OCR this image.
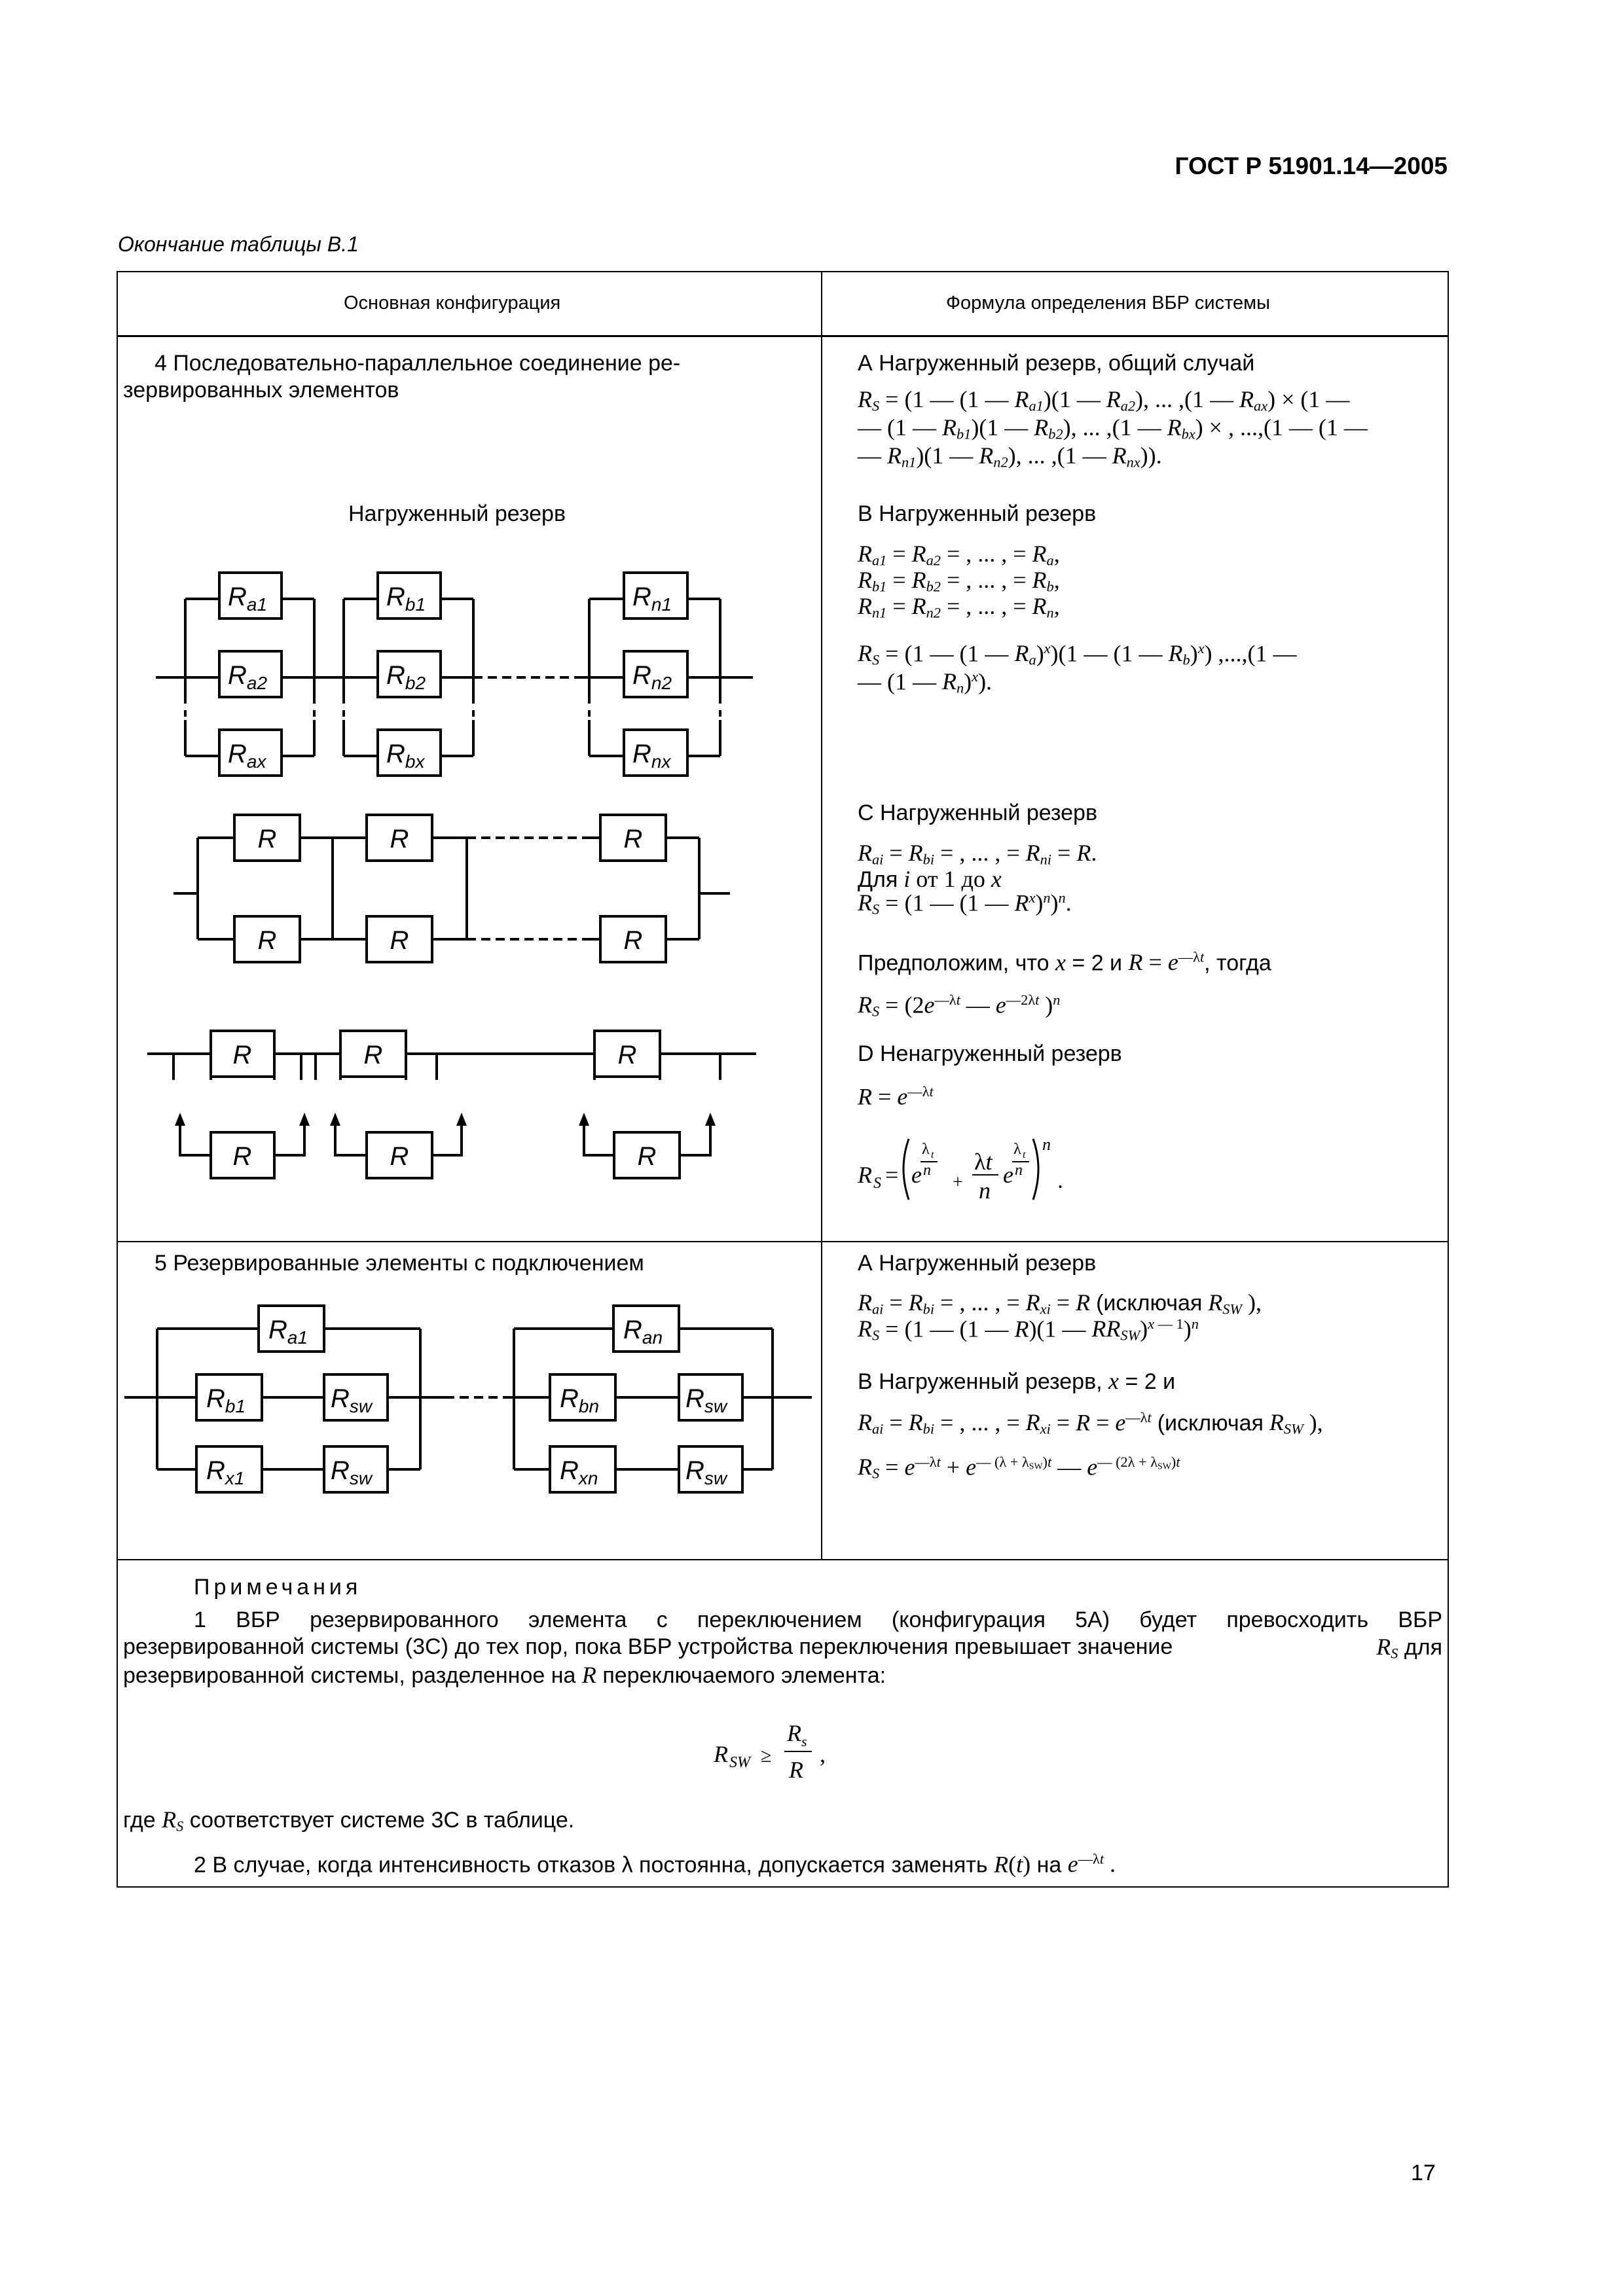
ГОСТ Р 51901.14—2005
Окончание таблицы В.1
Основная конфигурация	Формула определения ВБР системы
4 Последовательно-параллельное соединение ре-
зервированных элементов
Нагруженный резерв
$R_{a1}$
$R_{a2}$
$R_{ax}$
$R_{b1}$
$R_{b2}$
$R_{bx}$
$R_{n1}$
$R_{n2}$
$R_{nx}$
R
R
R
R
R
R
R	R	R
R	R	R
А Нагруженный резерв, общий случай
$R_S = (1$ — (1 — $R_{a1})(1$ — $R_{a2}$), ... ,(1 — $R_{ax}) \times (1$ —
— (1 — $R_{b1})(1$ — $R_{b2}$), ... ,(1 — $R_{bx}$) × , ...,(1 — (1 —
— $R_{n1})(1$ — $R_{n2}$), ... ,(1 — $R_{nx}$)).
В Нагруженный резерв
$R_{a1} = R_{a2}$ = , ... , = $R_a$,
$R_{b1} = R_{b2}$ = , ... , = $R_b$,
$R_{n1} = R_{n2}$ = , ... , = $R_n$,
$R_S = (1$ — (1 — $R_a)^x)(1$ — (1 — $R_b)^x$) ,...,(1 —
— (1 — $R_n)^x$).
С Нагруженный резерв
$R_{ai} = R_{bi}$ = , ... , = $R_{ni} = R$.
Для i от 1 до x
$R_S = (1$ — (1 — $R^x)^n)^n$.
Предположим, что x = 2 и $R = e^{—\lambda t}$, тогда
$R_S = (2e^{—\lambda t}$ — $e^{—2\lambda t}$ )$^n$
D Ненагруженный резерв
$R = e^{—\lambda t}$
R S = e
λ t
n
+
λt
n
e
λ t
n
n
.
5 Резервированные элементы с подключением
$R_{a1}$
$R_{b1}$	$R_{sw}$
$R_{x1}$	$R_{sw}$
$R_{an}$
$R_{bn}$	$R_{sw}$
$R_{xn}$	$R_{sw}$
А Нагруженный резерв
$R_{ai} = R_{bi}$ = , ... , = $R_{xi} = R$ (исключая $R_{SW}$ ),
$R_S = (1$ — (1 — R)(1 — $RR_{SW})^{x — 1})^n$
В Нагруженный резерв, x = 2 и
$R_{ai} = R_{bi}$ = , ... , = $R_{xi} = R = e^{—\lambda t}$ (исключая $R_{SW}$ ),
$R_S = e^{—\lambda t} + e^{— (\lambda + \lambda_{SW})t}$ — $e^{— (2\lambda + \lambda_{SW})t}$
Примечания
1 ВБР резервированного элемента с переключением (конфигурация 5А) будет превосходить ВБР
резервированной системы (3С) до тех пор, пока ВБР устройства переключения превышает значение	$R_S$ для
резервированной системы, разделенное на R переключаемого элемента:
R SW ≥
R s
R
,
где $R_S$ соответствует системе 3С в таблице.
2 В случае, когда интенсивность отказов λ постоянна, допускается заменять R(t) на $e^{—\lambda t}$ .
17
